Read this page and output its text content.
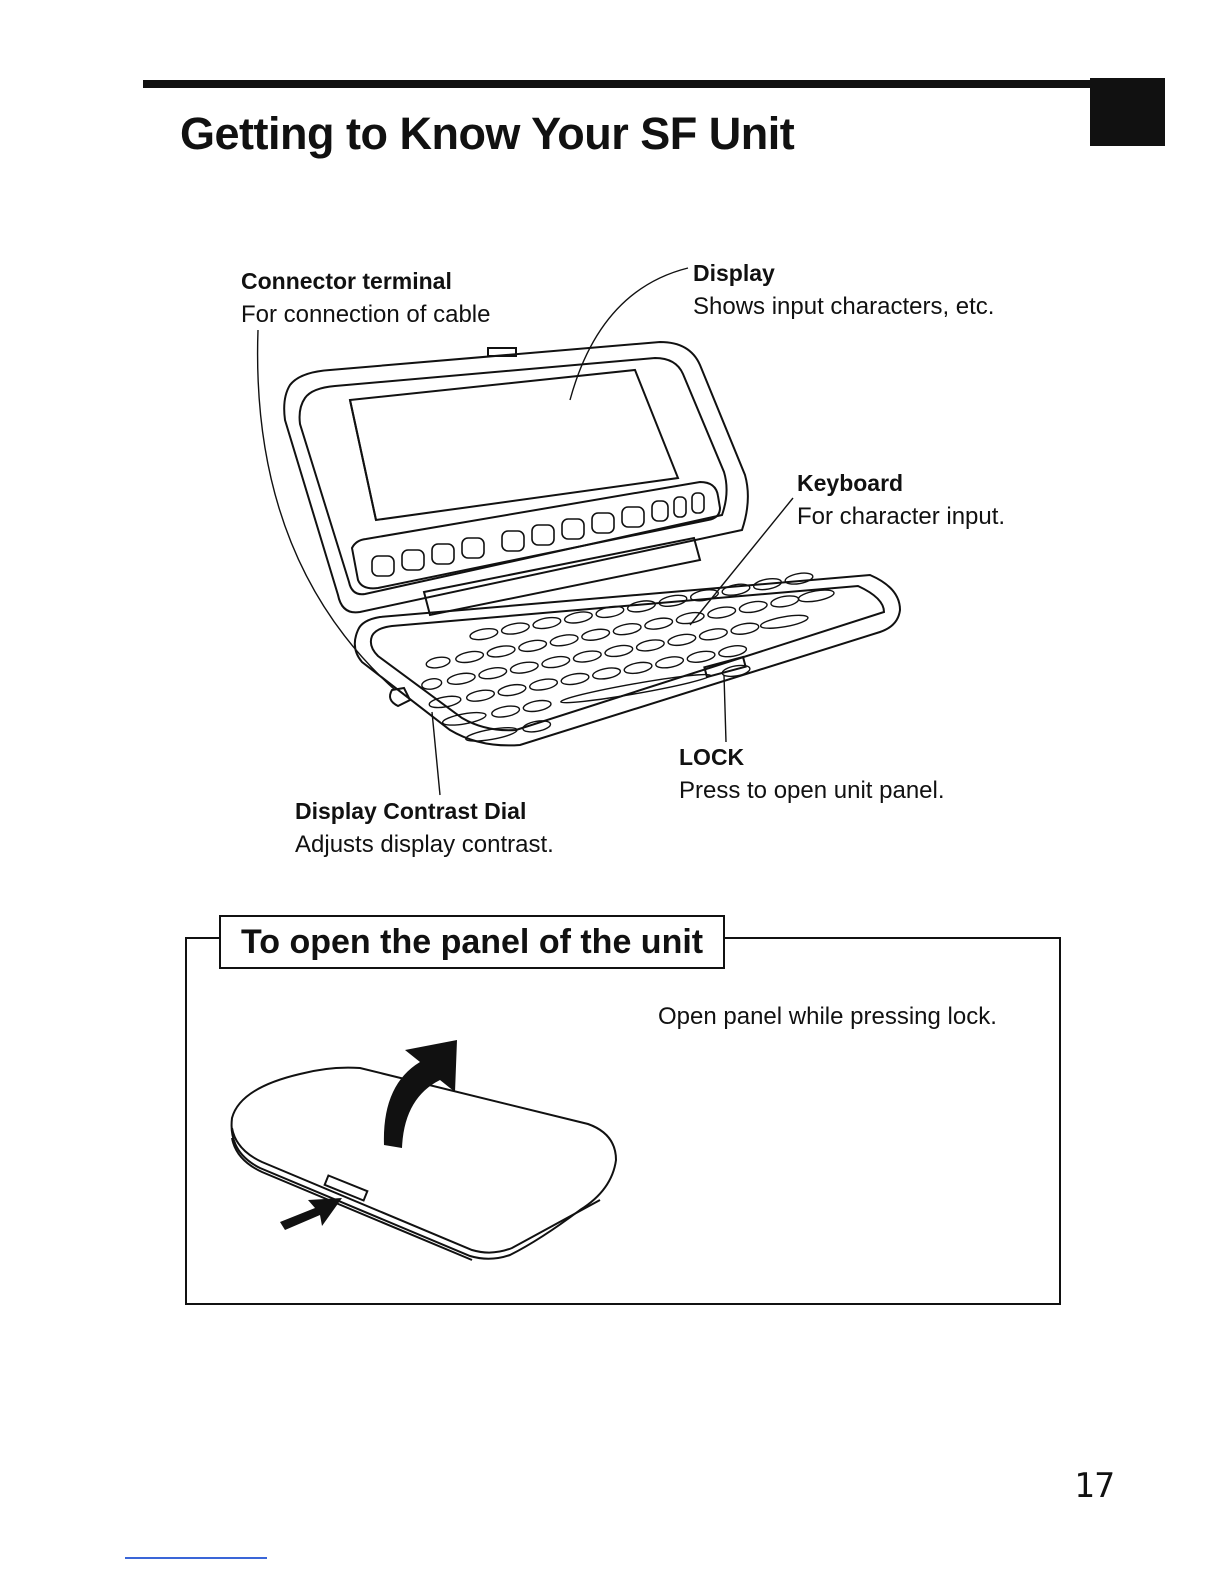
Getting to Know Your SF Unit
Connector terminal
For connection of cable
Display
Shows input characters, etc.
Keyboard
For character input.
LOCK
Press to open unit panel.
Display Contrast Dial
Adjusts display contrast.
To open the panel of the unit
Open panel while pressing lock.
17
